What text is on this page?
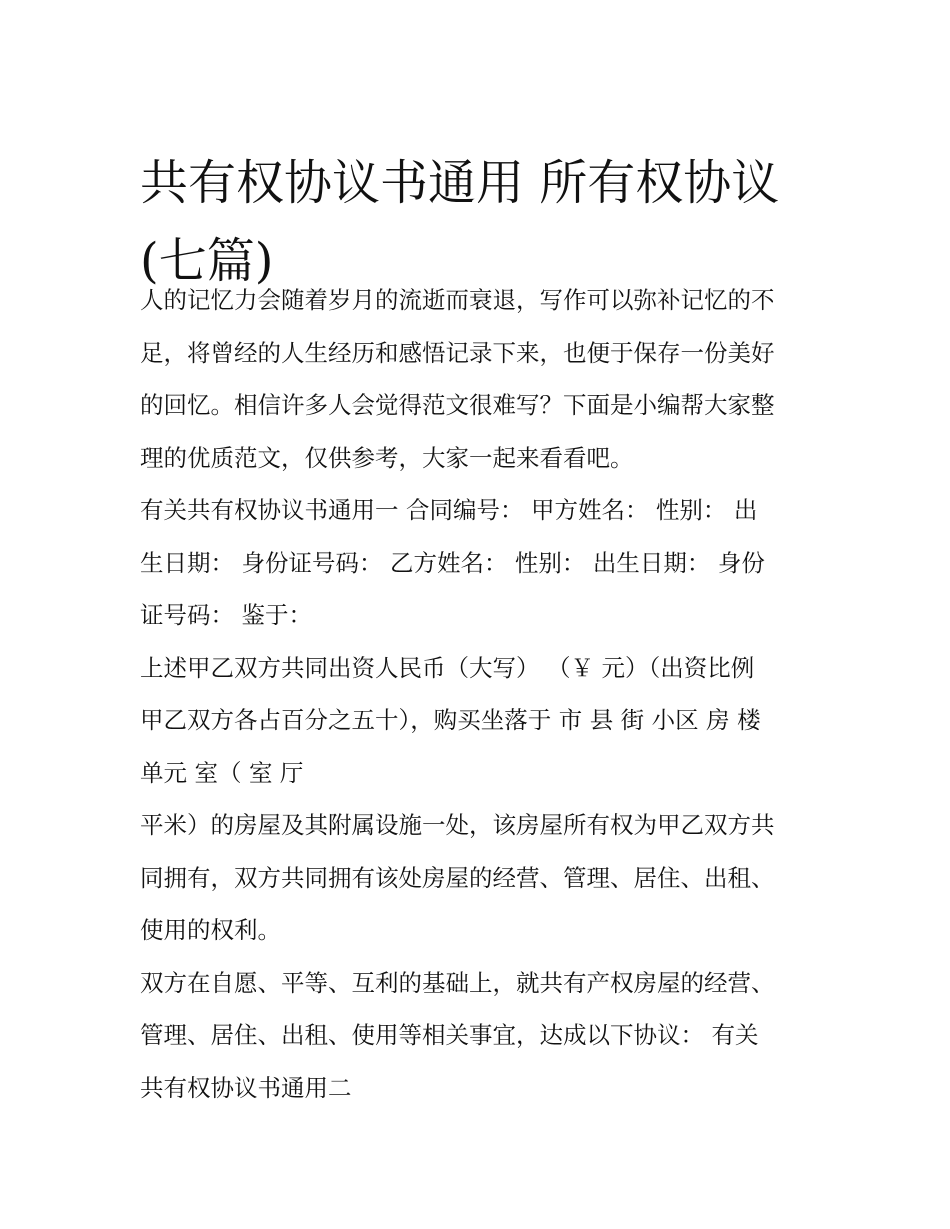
共有权协议书通用 所有权协议
(七篇)
人的记忆力会随着岁月的流逝而衰退，写作可以弥补记忆的不
足，将曾经的人生经历和感悟记录下来，也便于保存一份美好
的回忆。相信许多人会觉得范文很难写？下面是小编帮大家整
理的优质范文，仅供参考，大家一起来看看吧。
有关共有权协议书通用一 合同编号： 甲方姓名： 性别： 出
生日期： 身份证号码： 乙方姓名： 性别： 出生日期： 身份
证号码： 鉴于：
上述甲乙双方共同出资人民币（大写） （￥ 元）（出资比例
甲乙双方各占百分之五十），购买坐落于 市 县 街 小区 房 楼
单元 室（ 室 厅
平米）的房屋及其附属设施一处，该房屋所有权为甲乙双方共
同拥有，双方共同拥有该处房屋的经营、管理、居住、出租、
使用的权利。
双方在自愿、平等、互利的基础上，就共有产权房屋的经营、
管理、居住、出租、使用等相关事宜，达成以下协议： 有关
共有权协议书通用二
